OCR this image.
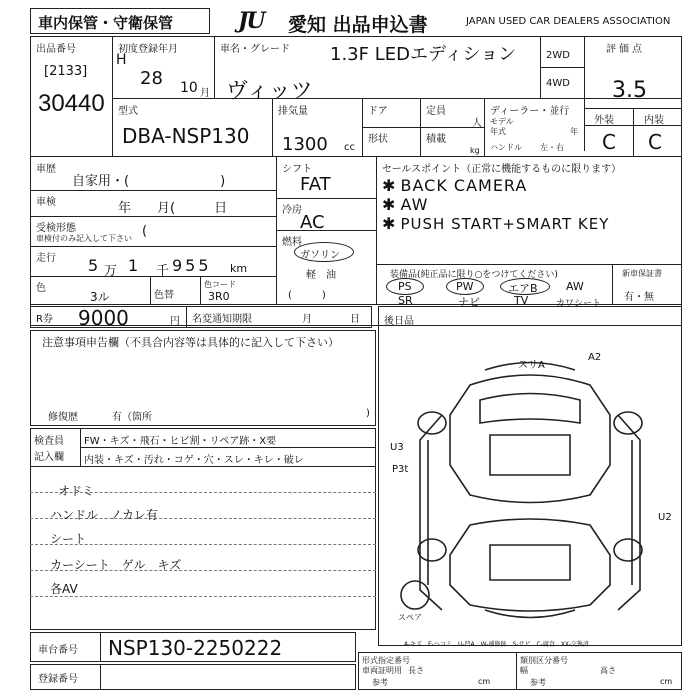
車内保管・守衛保管	JU	愛知 出品申込書	JAPAN USED CAR DEALERS ASSOCIATION
出品番号
[2133]
30440
初度登録年月
H
28 10 月
車名・グレード 1.3F LEDエディション
ヴィッツ
2WD
4WD
評価点
3.5
型式
DBA-NSP130
排気量
1300 cc
ドア
形状
定員
人
積載
kg
ディーラー・並行
モデル
年式	年
ハンドル 左・右
外装	内装
C C
車歴
自家用・(　　　　　　　)
車検	年　　月(　　　日
受検形態
車検付のみ記入して下さい (
走行 5 万 1 千 955 km
色
3ル	色替
色コード
3R0
シフト
FAT
冷房
AC
燃料
ガソリン
軽　油
(　　　)
セールスポイント（正常に機能するものに限ります）
✱ BACK CAMERA
✱ AW
✱ PUSH START+SMART KEY
装備品(純正品に限り○をつけてください)
PS	PW	エアB	AW
SR	ナビ	TV	カワシート
新車保証書
有・無
R券 9000	円 名変通知期限	月	日
注意事項申告欄（不具合内容等は具体的に記入して下さい）
修復歴	有（箇所	)
後日品
スリA
A2
U3
P3t
U2
スペア
A-キズ　E-ヘコミ　U-凹A　W-補修跡　S-サビ　C-腐食　XX-交換済
検査員
記入欄
FW・キズ・飛石・ヒビ割・リペア跡・X要
内装・キズ・汚れ・コゲ・穴・スレ・キレ・破レ
オドミ
ハンドル　ノカレ有
シート
カーシート　ゲル　キズ
各AV
車台番号 NSP130-2250222
登録番号
形式指定番号
車両証明用 長さ
参考	cm
類別区分番号
幅	高さ
参考	cm
